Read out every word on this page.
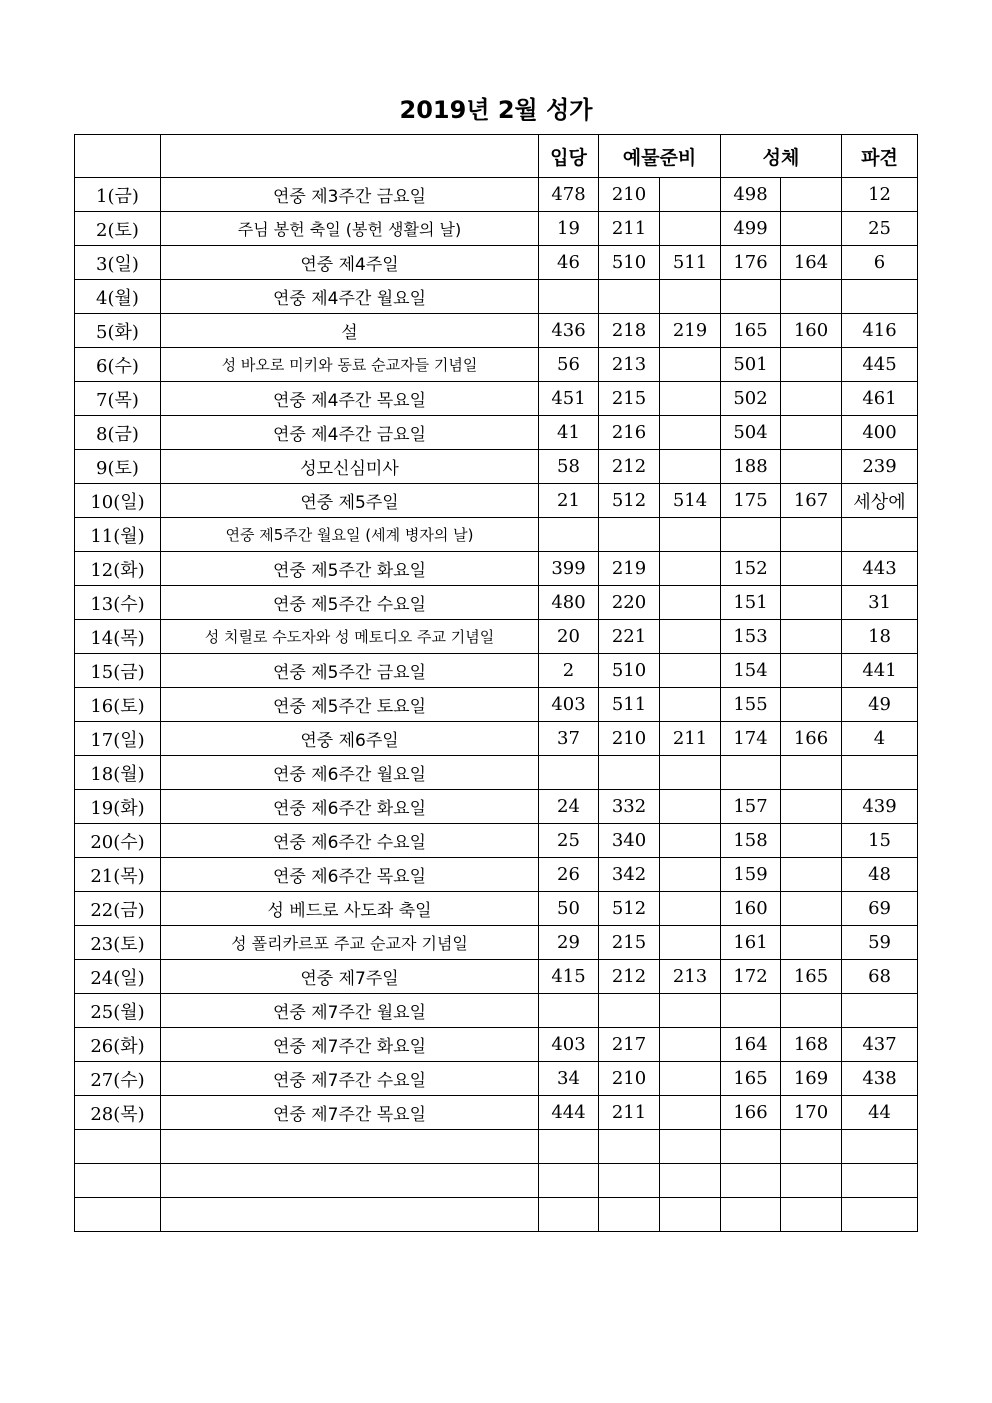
2019년 2월 성가
		입당	예물준비		성체		파견
1(금)	연중 제3주간 금요일	478	210		498		12
2(토)	주님 봉헌 축일 (봉헌 생활의 날)	19	211		499		25
3(일)	연중 제4주일	46	510	511	176	164	6
4(월)	연중 제4주간 월요일						
5(화)	설	436	218	219	165	160	416
6(수)	성 바오로 미키와 동료 순교자들 기념일	56	213		501		445
7(목)	연중 제4주간 목요일	451	215		502		461
8(금)	연중 제4주간 금요일	41	216		504		400
9(토)	성모신심미사	58	212		188		239
10(일)	연중 제5주일	21	512	514	175	167	세상에
11(월)	연중 제5주간 월요일 (세계 병자의 날)						
12(화)	연중 제5주간 화요일	399	219		152		443
13(수)	연중 제5주간 수요일	480	220		151		31
14(목)	성 치릴로 수도자와 성 메토디오 주교 기념일	20	221		153		18
15(금)	연중 제5주간 금요일	2	510		154		441
16(토)	연중 제5주간 토요일	403	511		155		49
17(일)	연중 제6주일	37	210	211	174	166	4
18(월)	연중 제6주간 월요일						
19(화)	연중 제6주간 화요일	24	332		157		439
20(수)	연중 제6주간 수요일	25	340		158		15
21(목)	연중 제6주간 목요일	26	342		159		48
22(금)	성 베드로 사도좌 축일	50	512		160		69
23(토)	성 폴리카르포 주교 순교자 기념일	29	215		161		59
24(일)	연중 제7주일	415	212	213	172	165	68
25(월)	연중 제7주간 월요일						
26(화)	연중 제7주간 화요일	403	217		164	168	437
27(수)	연중 제7주간 수요일	34	210		165	169	438
28(목)	연중 제7주간 목요일	444	211		166	170	44
